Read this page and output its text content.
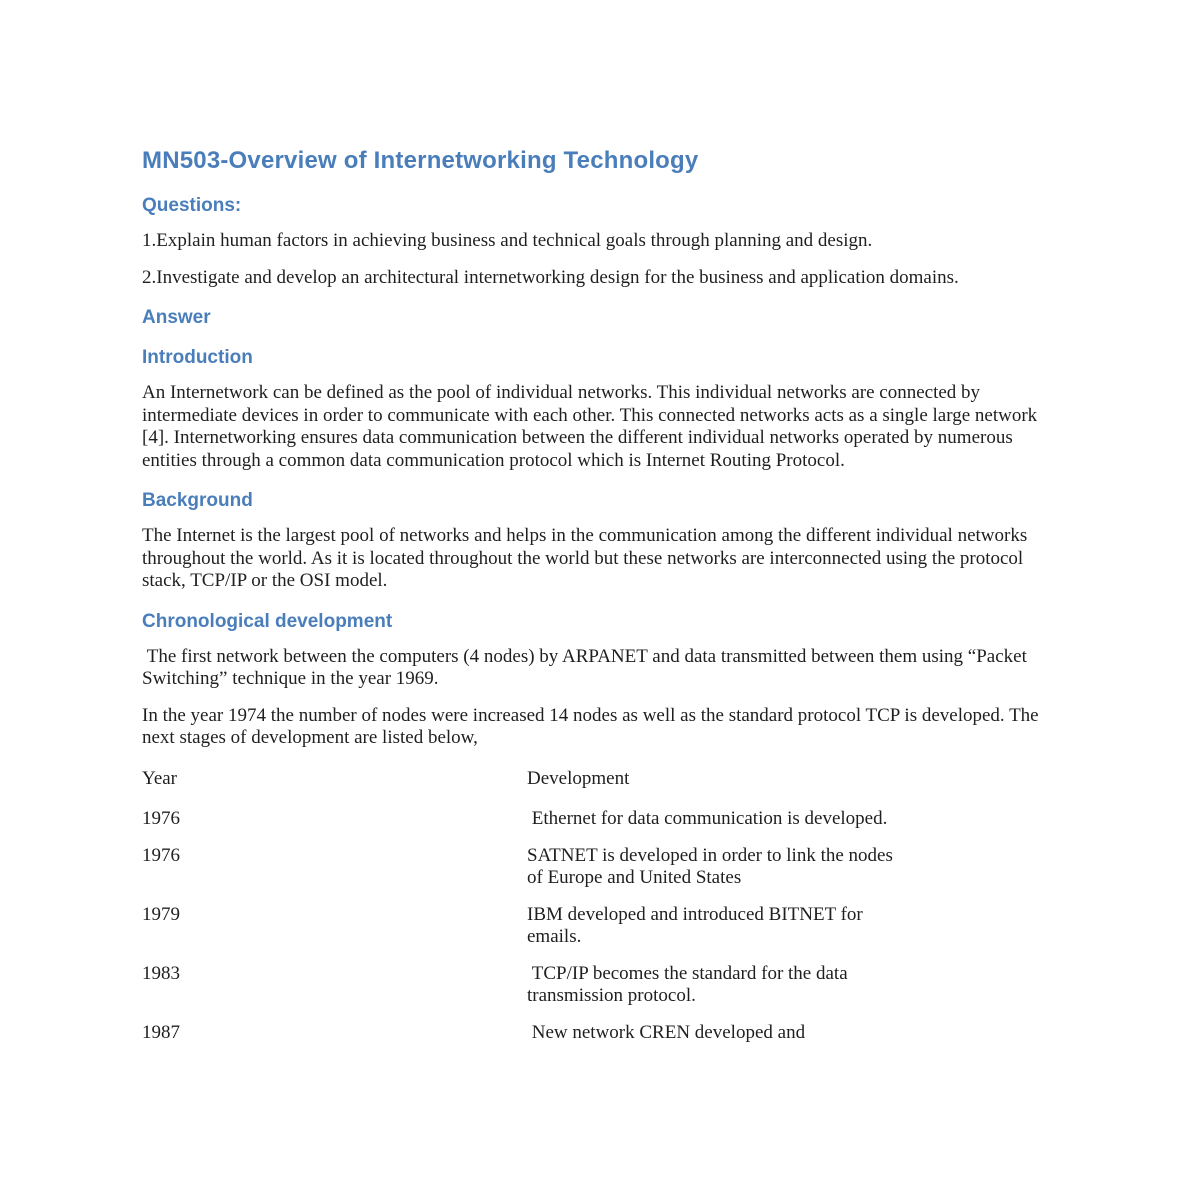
MN503-Overview of Internetworking Technology
Questions:

1.Explain human factors in achieving business and technical goals through planning and design.

2.Investigate and develop an architectural internetworking design for the business and application domains.

Answer
Introduction

An Internetwork can be defined as the pool of individual networks. This individual networks are connected by intermediate devices in order to communicate with each other. This connected networks acts as a single large network [4]. Internetworking ensures data communication between the different individual networks operated by numerous entities through a common data communication protocol which is Internet Routing Protocol.

Background

The Internet is the largest pool of networks and helps in the communication among the different individual networks throughout the world. As it is located throughout the world but these networks are interconnected using the protocol stack, TCP/IP or the OSI model.

Chronological development

The first network between the computers (4 nodes) by ARPANET and data transmitted between them using “Packet Switching” technique in the year 1969.

In the year 1974 the number of nodes were increased 14 nodes as well as the standard protocol TCP is developed. The next stages of development are listed below,

Year	Development
1976	Ethernet for data communication is developed.
1976	SATNET is developed in order to link the nodes of Europe and United States
1979	IBM developed and introduced BITNET for emails.
1983	TCP/IP becomes the standard for the data transmission protocol.
1987	New network CREN developed and
